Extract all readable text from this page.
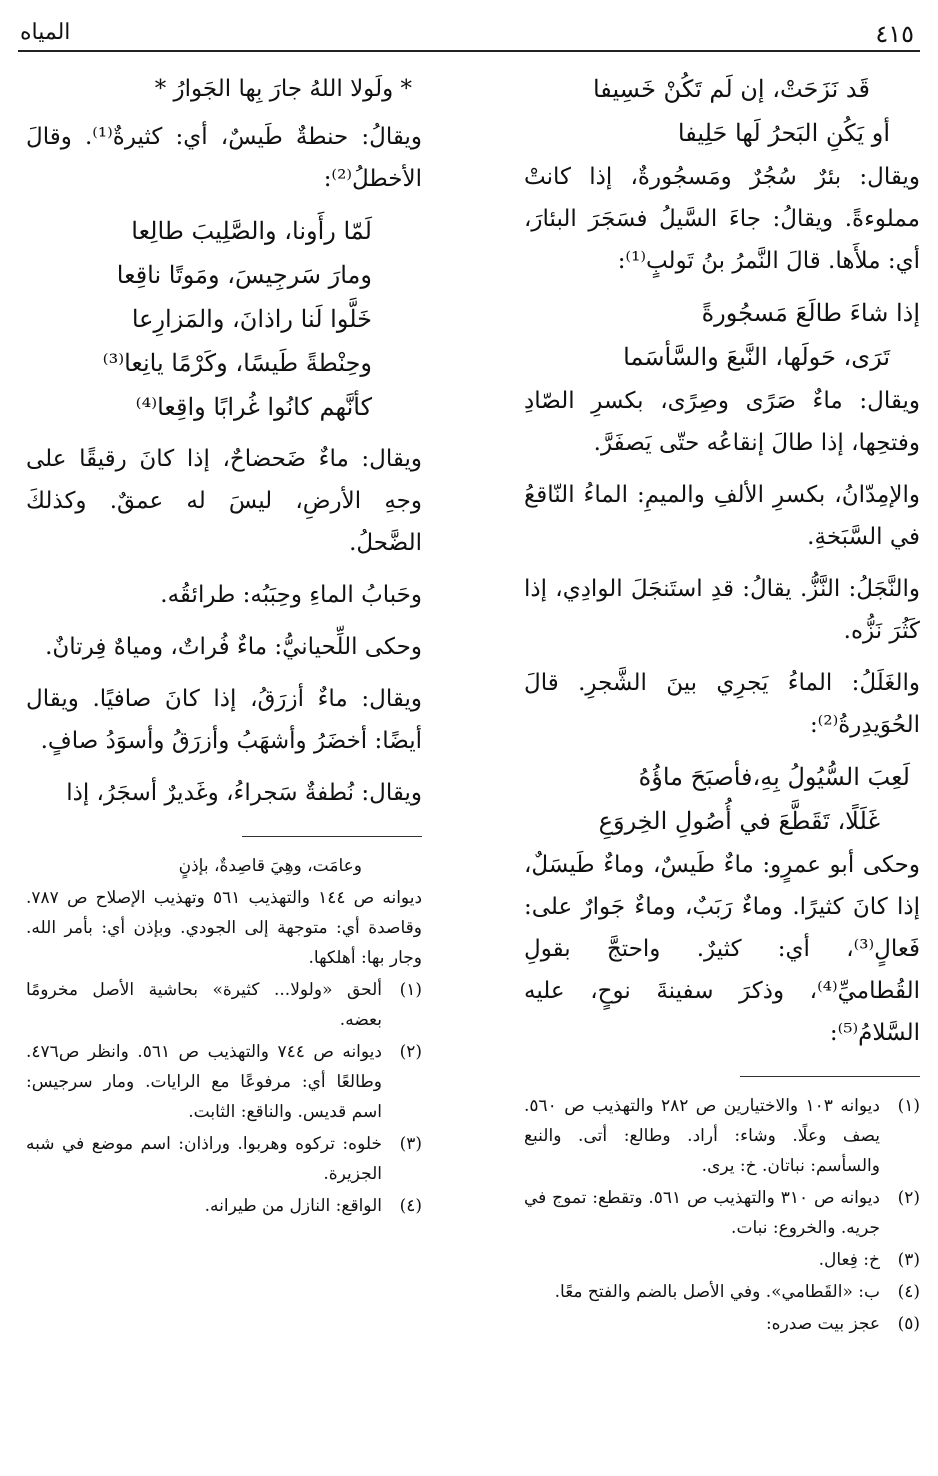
٤١٥
المياه
قَد نَزَحَتْ، إن لَم تَكُنْ خَسِيفا
أو يَكُنِ البَحرُ لَها حَلِيفا

ويقال: بئرٌ سُجُرٌ ومَسجُورةٌ، إذا كانتْ مملوءةً. ويقالُ: جاءَ السَّيلُ فسَجَرَ البئارَ، أي: ملأَها. قالَ النَّمرُ بنُ تَولبٍ⁽¹⁾:

إذا شاءَ طالَعَ مَسجُورةً
تَرَى، حَولَها، النَّبعَ والسَّأسَما

ويقال: ماءٌ صَرًى وصِرًى، بكسرِ الصّادِ وفتحِها، إذا طالَ إنقاعُه حتّى يَصفَرَّ.

والإمِدّانُ، بكسرِ الألفِ والميمِ: الماءُ النّاقعُ في السَّبَخةِ.

والنَّجَلُ: النَّزُّ. يقالُ: قدِ استَنجَلَ الوادِي، إذا كَثُرَ نَزُّه.

والغَلَلُ: الماءُ يَجرِي بينَ الشَّجرِ. قالَ الحُوَيدِرةُ⁽²⁾:

لَعِبَ السُّيُولُ بِهِ،فأصبَحَ ماؤُهُ
غَلَلًا، تَقَطَّعَ في أُصُولِ الخِروَعِ

وحكى أبو عمرٍو: ماءٌ طَيسٌ، وماءٌ طَيسَلٌ، إذا كانَ كثيرًا. وماءٌ رَبَبٌ، وماءٌ جَوارٌ على: فَعالٍ⁽³⁾، أي: كثيرٌ. واحتجَّ بقولِ القُطاميِّ⁽⁴⁾، وذكرَ سفينةَ نوحٍ، عليه السَّلامُ⁽⁵⁾:

(١)
ديوانه ١٠٣ والاختيارين ص ٢٨٢ والتهذيب ص ٥٦٠. يصف وعلًا. وشاء: أراد. وطالع: أتى. والنبع والسأسم: نباتان. خ: يرى.
(٢)
ديوانه ص ٣١٠ والتهذيب ص ٥٦١. وتقطع: تموج في جريه. والخروع: نبات.
(٣)
خ: فِعال.
(٤)
ب: «القَطامي». وفي الأصل بالضم والفتح معًا.
(٥)
عجز بيت صدره:
* ولَولا اللهُ جارَ بِها الجَوارُ *

ويقالُ: حنطةٌ طَيسٌ، أي: كثيرةٌ⁽¹⁾. وقالَ الأخطلُ⁽²⁾:

لَمّا رأَونا، والصَّلِيبَ طالِعا
ومارَ سَرجِيسَ، ومَوتًا ناقِعا
خَلَّوا لَنا راذانَ، والمَزارِعا
وحِنْطةً طَيسًا، وكَرْمًا يانِعا⁽³⁾
كأنَّهم كانُوا غُرابًا واقِعا⁽⁴⁾

ويقال: ماءٌ ضَحضاحٌ، إذا كانَ رقيقًا على وجهِ الأرضِ، ليسَ له عمقٌ. وكذلكَ الضَّحلُ.

وحَبابُ الماءِ وحِبَبُه: طرائقُه.

وحكى اللِّحيانيُّ: ماءٌ فُراتٌ، ومياهٌ فِرتانٌ.

ويقال: ماءٌ أزرَقُ، إذا كانَ صافيًا. ويقال أيضًا: أخضَرُ وأشهَبُ وأزرَقُ وأسوَدُ صافٍ.

ويقال: نُطفةٌ سَجراءُ، وغَديرٌ أسجَرُ، إذا

وعامَت، وهِيَ قاصِدةٌ، بإذنٍ
ديوانه ص ١٤٤ والتهذيب ٥٦١ وتهذيب الإصلاح ص ٧٨٧. وقاصدة أي: متوجهة إلى الجودي. وبإذن أي: بأمر الله. وجار بها: أهلكها.
(١)
ألحق «ولولا... كثيرة» بحاشية الأصل مخرومًا بعضه.
(٢)
ديوانه ص ٧٤٤ والتهذيب ص ٥٦١. وانظر ص٤٧٦. وطالعًا أي: مرفوعًا مع الرايات. ومار سرجيس: اسم قديس. والناقع: الثابت.
(٣)
خلوه: تركوه وهربوا. وراذان: اسم موضع في شبه الجزيرة.
(٤)
الواقع: النازل من طيرانه.
